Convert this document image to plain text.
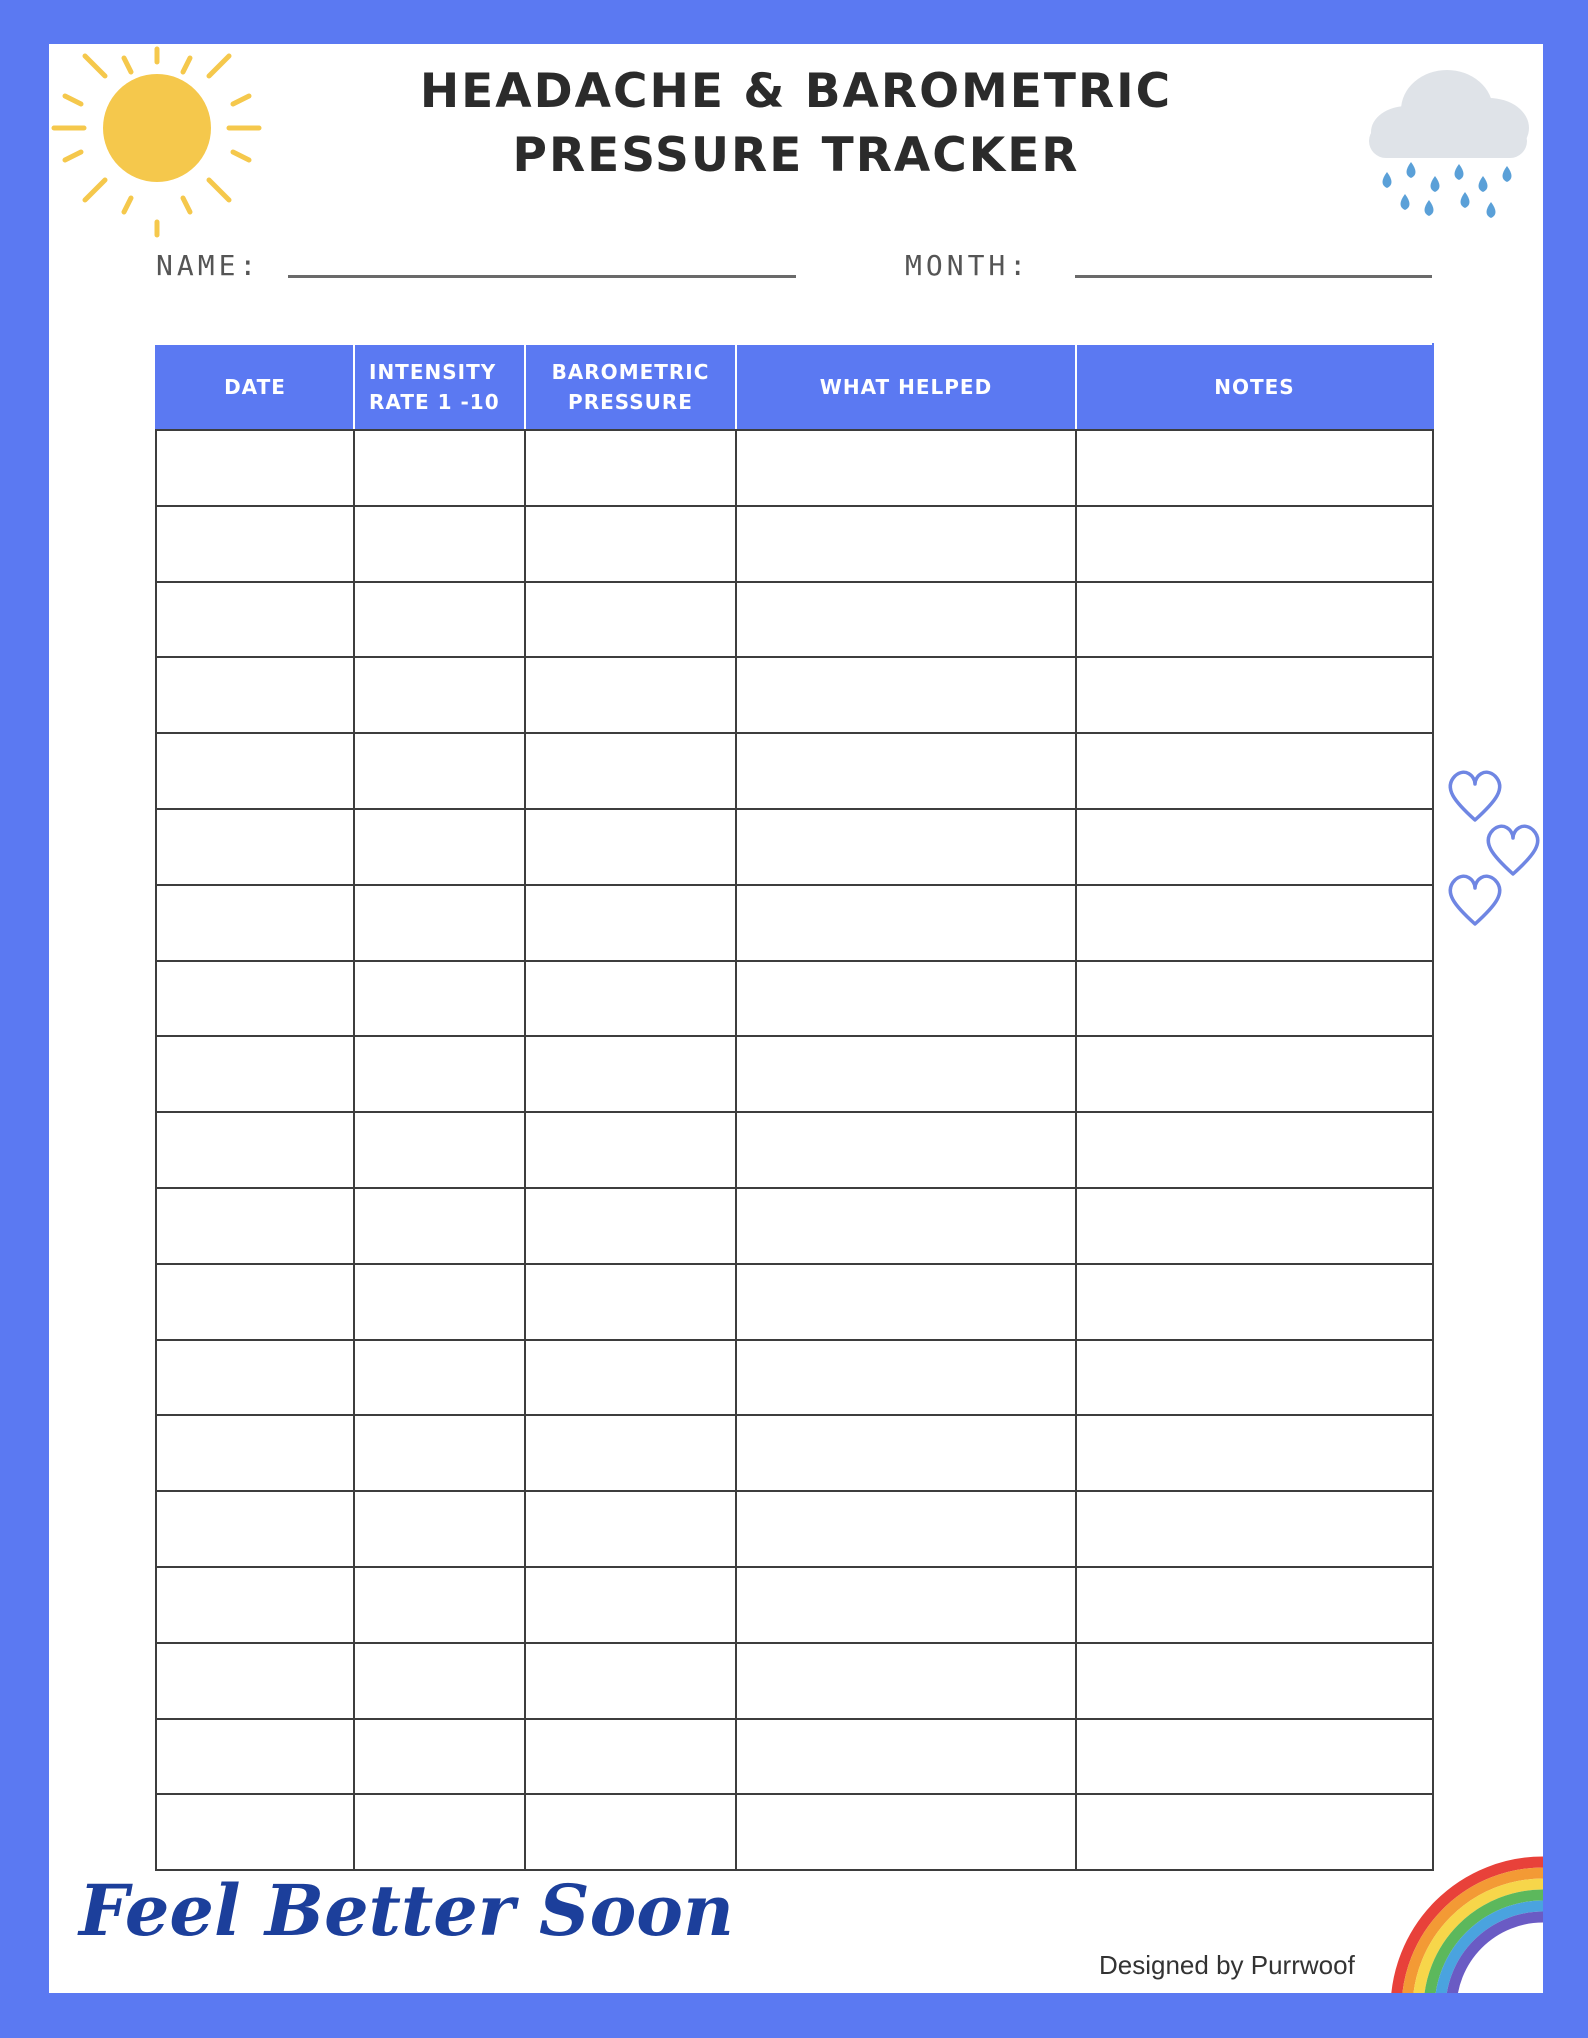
HEADACHE & BAROMETRIC
PRESSURE TRACKER
NAME:	MONTH:
DATE	INTENSITY RATE 1 -10	BAROMETRIC PRESSURE	WHAT HELPED	NOTES

Feel Better Soon
Designed by Purrwoof
